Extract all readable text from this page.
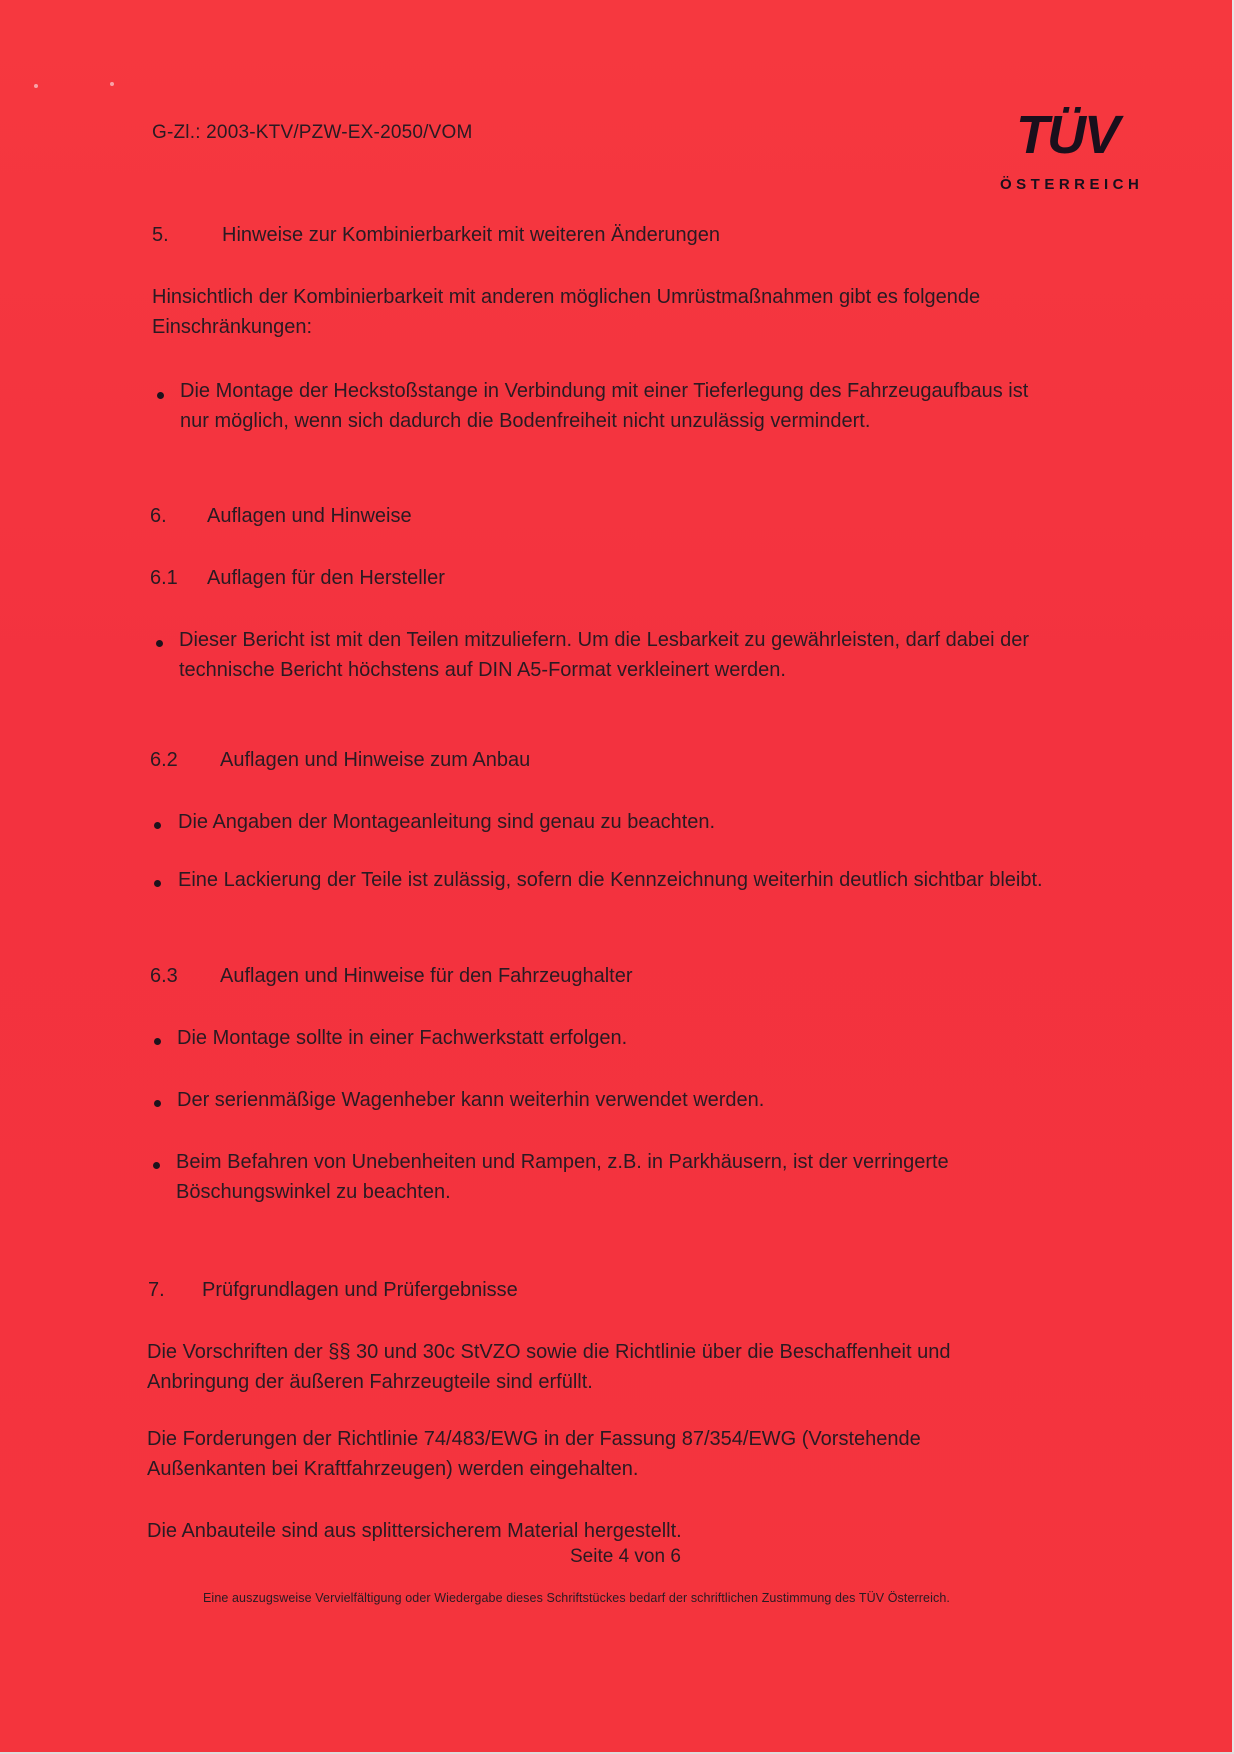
G-Zl.: 2003-KTV/PZW-EX-2050/VOM	TÜV
ÖSTERREICH
5.	Hinweise zur Kombinierbarkeit mit weiteren Änderungen
Hinsichtlich der Kombinierbarkeit mit anderen möglichen Umrüstmaßnahmen gibt es folgende
Einschränkungen:
Die Montage der Heckstoßstange in Verbindung mit einer Tieferlegung des Fahrzeugaufbaus ist
nur möglich, wenn sich dadurch die Bodenfreiheit nicht unzulässig vermindert.
6. Auflagen und Hinweise
6.1 Auflagen für den Hersteller
Dieser Bericht ist mit den Teilen mitzuliefern. Um die Lesbarkeit zu gewährleisten, darf dabei der
technische Bericht höchstens auf DIN A5-Format verkleinert werden.
6.2 Auflagen und Hinweise zum Anbau
Die Angaben der Montageanleitung sind genau zu beachten.
Eine Lackierung der Teile ist zulässig, sofern die Kennzeichnung weiterhin deutlich sichtbar bleibt.
6.3 Auflagen und Hinweise für den Fahrzeughalter
Die Montage sollte in einer Fachwerkstatt erfolgen.
Der serienmäßige Wagenheber kann weiterhin verwendet werden.
Beim Befahren von Unebenheiten und Rampen, z.B. in Parkhäusern, ist der verringerte
Böschungswinkel zu beachten.
7. Prüfgrundlagen und Prüfergebnisse
Die Vorschriften der §§ 30 und 30c StVZO sowie die Richtlinie über die Beschaffenheit und
Anbringung der äußeren Fahrzeugteile sind erfüllt.
Die Forderungen der Richtlinie 74/483/EWG in der Fassung 87/354/EWG (Vorstehende
Außenkanten bei Kraftfahrzeugen) werden eingehalten.
Die Anbauteile sind aus splittersicherem Material hergestellt.
Seite 4 von 6
Eine auszugsweise Vervielfältigung oder Wiedergabe dieses Schriftstückes bedarf der schriftlichen Zustimmung des TÜV Österreich.
